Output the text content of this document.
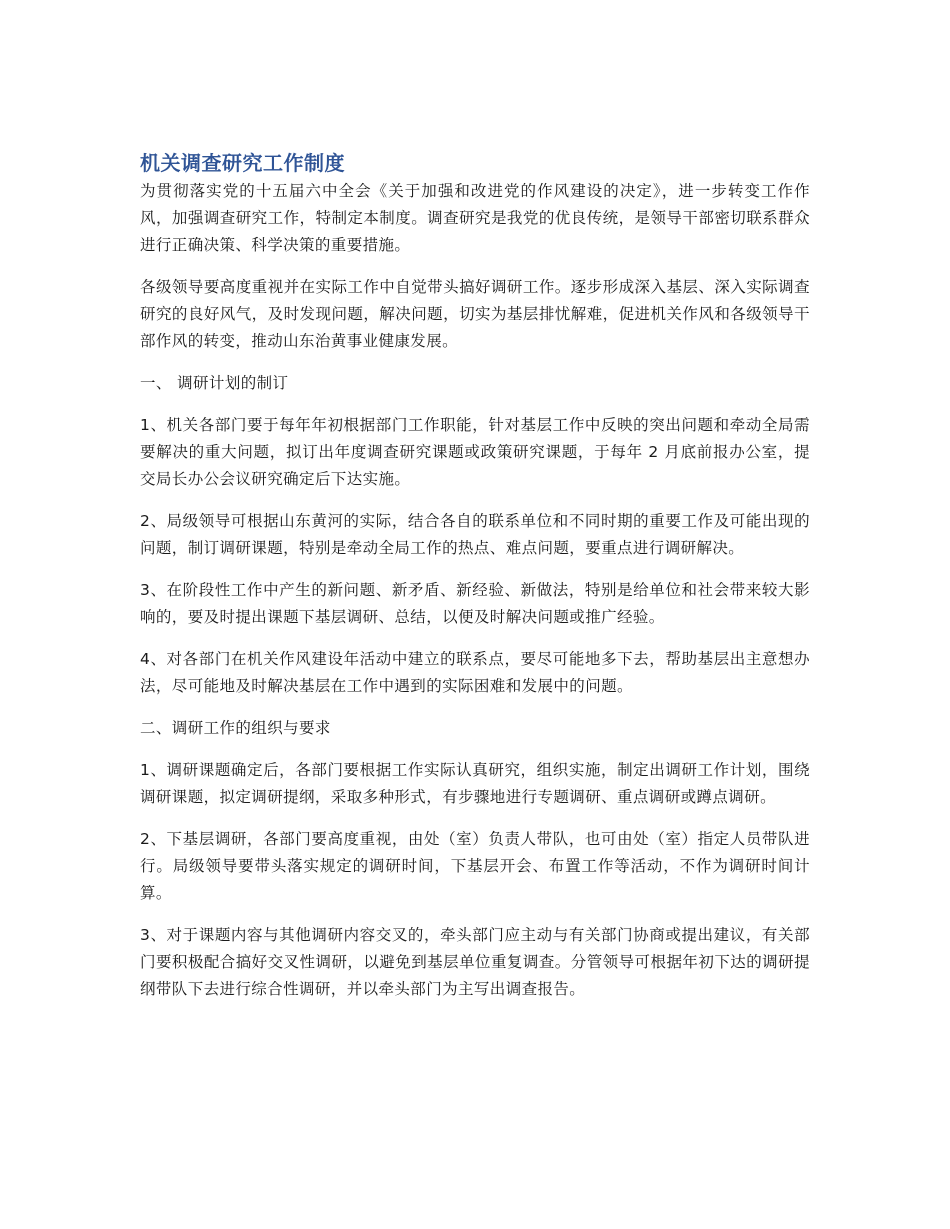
机关调查研究工作制度

为贯彻落实党的十五届六中全会《关于加强和改进党的作风建设的决定》，进一步转变工作作风，加强调查研究工作，特制定本制度。调查研究是我党的优良传统，是领导干部密切联系群众进行正确决策、科学决策的重要措施。

各级领导要高度重视并在实际工作中自觉带头搞好调研工作。逐步形成深入基层、深入实际调查研究的良好风气，及时发现问题，解决问题，切实为基层排忧解难，促进机关作风和各级领导干部作风的转变，推动山东治黄事业健康发展。

一、 调研计划的制订

1、机关各部门要于每年年初根据部门工作职能，针对基层工作中反映的突出问题和牵动全局需要解决的重大问题，拟订出年度调查研究课题或政策研究课题，于每年 2 月底前报办公室，提交局长办公会议研究确定后下达实施。

2、局级领导可根据山东黄河的实际，结合各自的联系单位和不同时期的重要工作及可能出现的问题，制订调研课题，特别是牵动全局工作的热点、难点问题，要重点进行调研解决。

3、在阶段性工作中产生的新问题、新矛盾、新经验、新做法，特别是给单位和社会带来较大影响的，要及时提出课题下基层调研、总结，以便及时解决问题或推广经验。

4、对各部门在机关作风建设年活动中建立的联系点，要尽可能地多下去，帮助基层出主意想办法，尽可能地及时解决基层在工作中遇到的实际困难和发展中的问题。

二、调研工作的组织与要求

1、调研课题确定后，各部门要根据工作实际认真研究，组织实施，制定出调研工作计划，围绕调研课题，拟定调研提纲，采取多种形式，有步骤地进行专题调研、重点调研或蹲点调研。

2、下基层调研，各部门要高度重视，由处（室）负责人带队，也可由处（室）指定人员带队进行。局级领导要带头落实规定的调研时间，下基层开会、布置工作等活动，不作为调研时间计算。

3、对于课题内容与其他调研内容交叉的，牵头部门应主动与有关部门协商或提出建议，有关部门要积极配合搞好交叉性调研，以避免到基层单位重复调查。分管领导可根据年初下达的调研提纲带队下去进行综合性调研，并以牵头部门为主写出调查报告。
